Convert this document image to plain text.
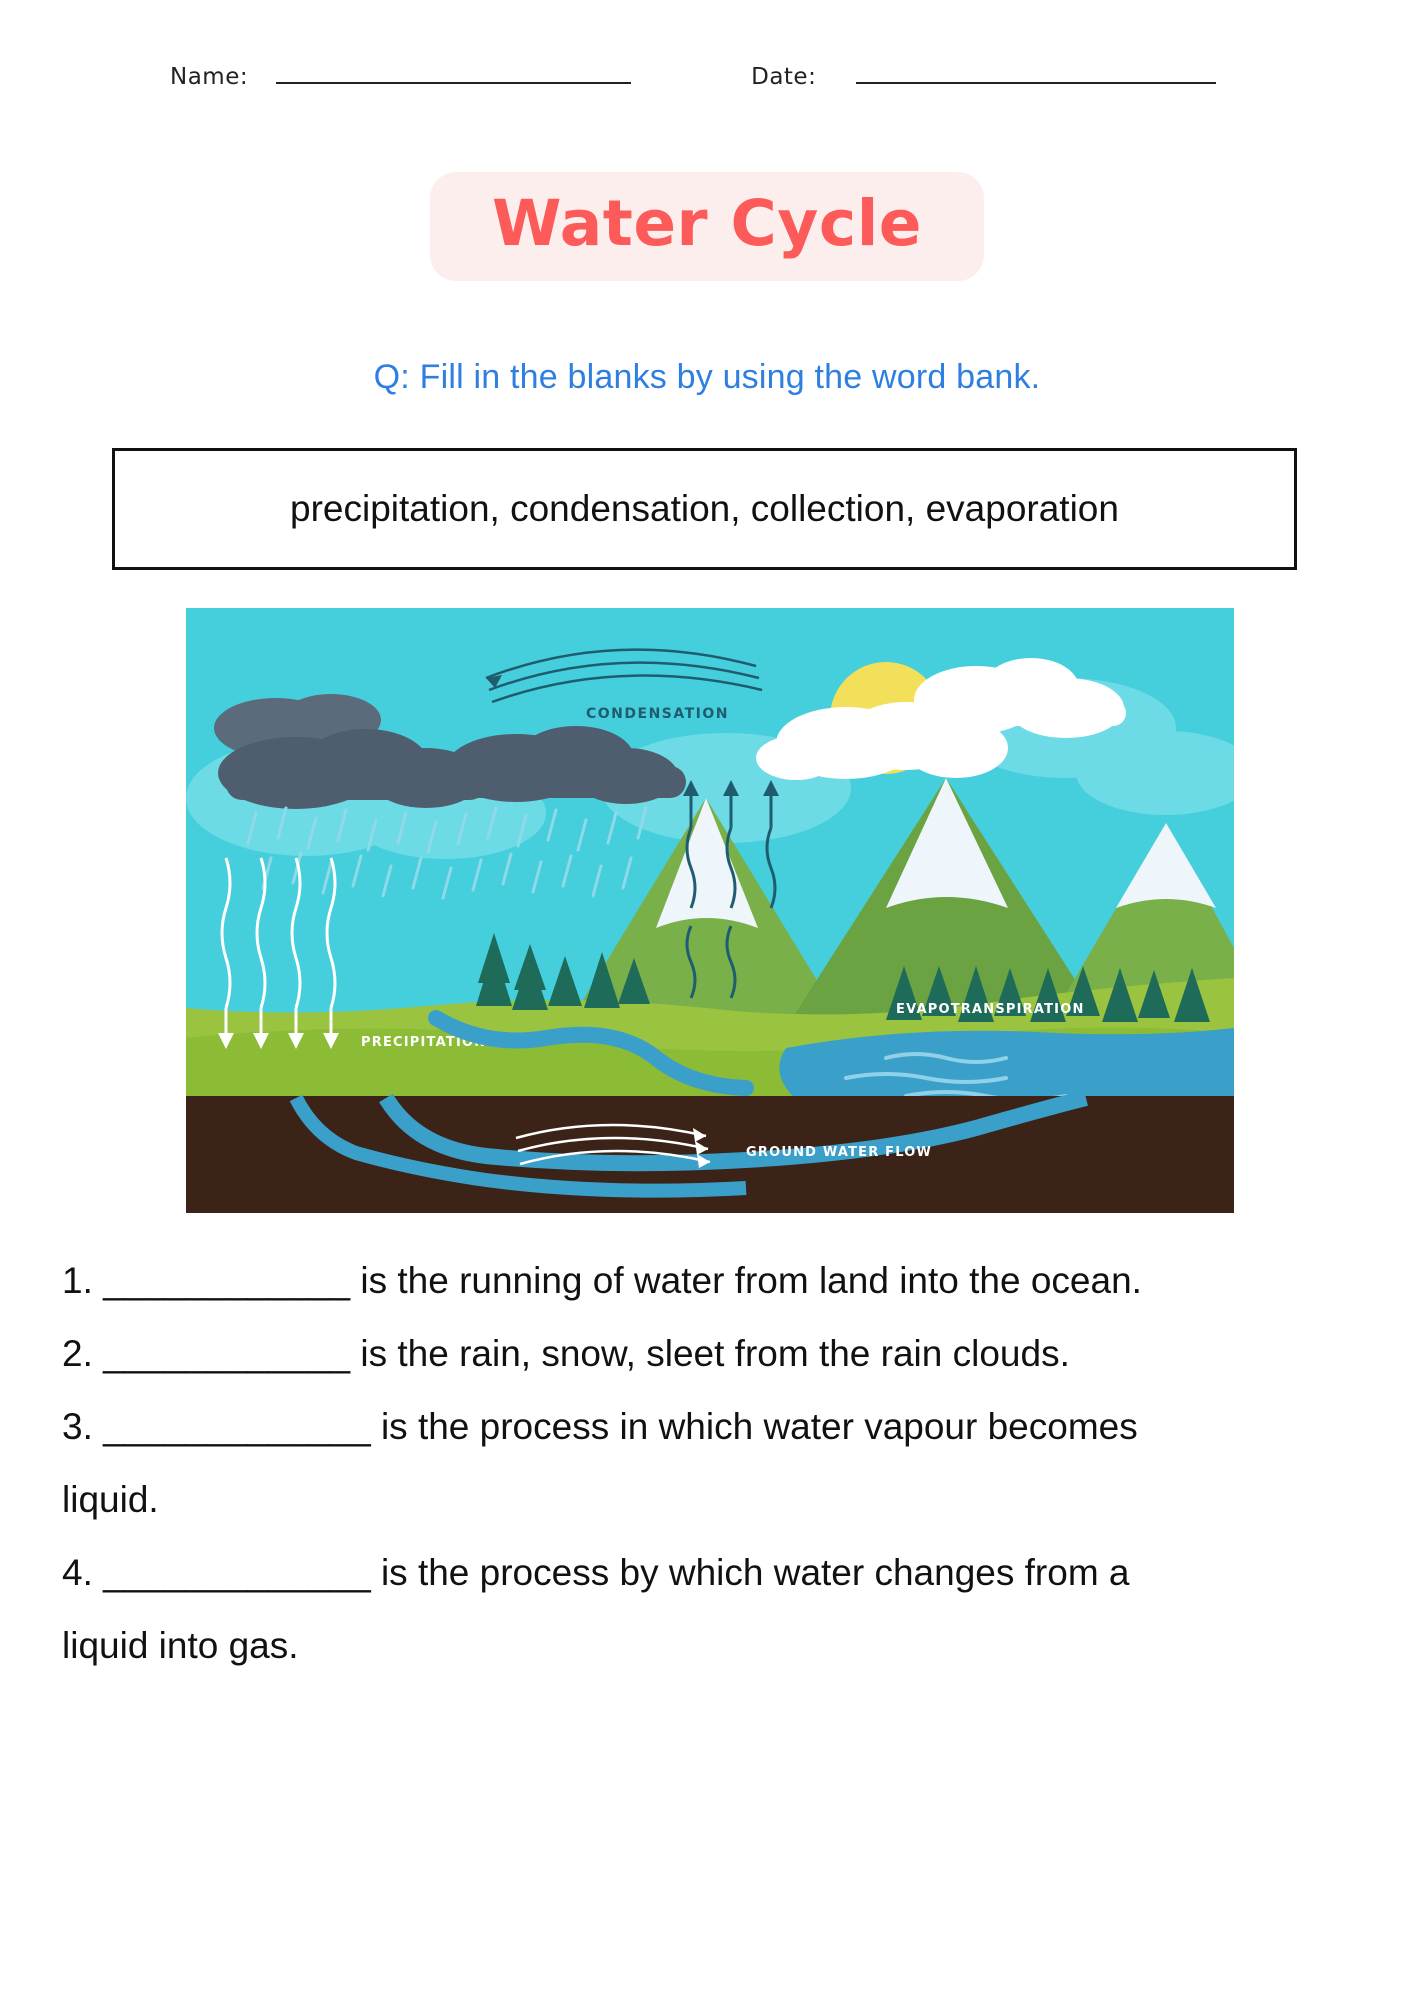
Name:	Date:
Water Cycle
Q: Fill in the blanks by using the word bank.
precipitation, condensation, collection, evaporation
CONDENSATION
EVAPOTRANSPIRATION
PRECIPITATION
GROUND WATER FLOW
1. ____________ is the running of water from land into the ocean.
2. ____________ is the rain, snow, sleet from the rain clouds.
3. _____________ is the process in which water vapour becomes
liquid.
4. _____________ is the process by which water changes from a
liquid into gas.
